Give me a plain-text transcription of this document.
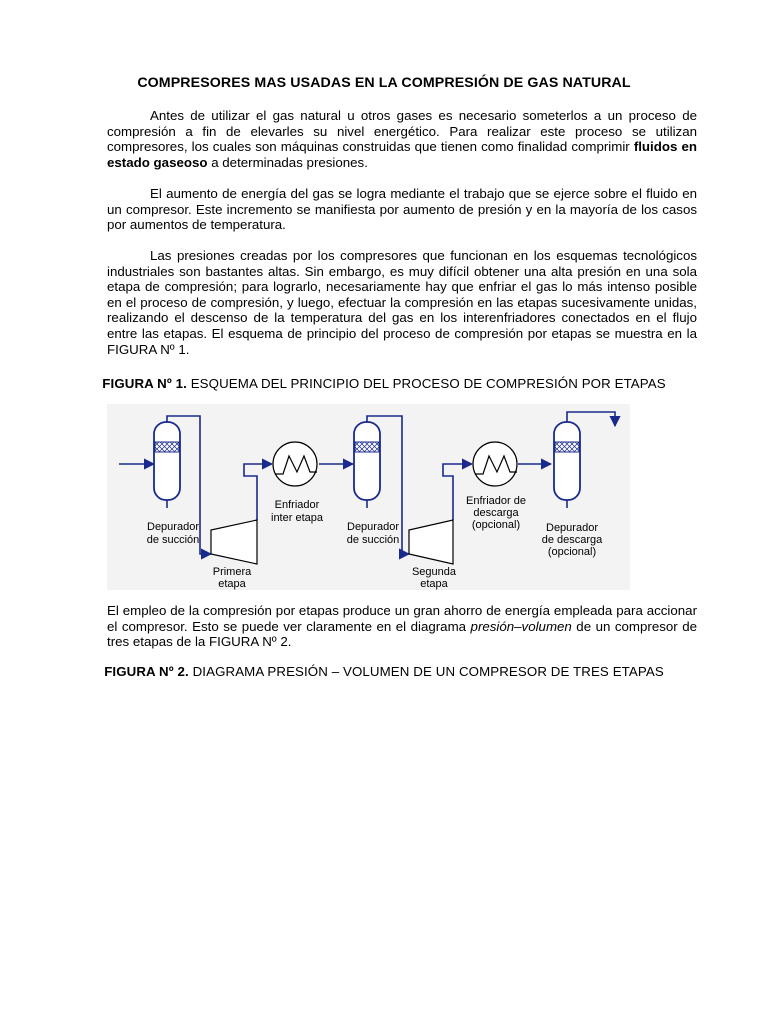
COMPRESORES MAS USADAS EN LA COMPRESIÓN DE GAS NATURAL

Antes de utilizar el gas natural u otros gases es necesario someterlos a un proceso de compresión a fin de elevarles su nivel energético. Para realizar este proceso se utilizan compresores, los cuales son máquinas construidas que tienen como finalidad comprimir fluidos en estado gaseoso a determinadas presiones.

El aumento de energía del gas se logra mediante el trabajo que se ejerce sobre el fluido en un compresor. Este incremento se manifiesta por aumento de presión y en la mayoría de los casos por aumentos de temperatura.

Las presiones creadas por los compresores que funcionan en los esquemas tecnológicos industriales son bastantes altas. Sin embargo, es muy difícil obtener una alta presión en una sola etapa de compresión; para lograrlo, necesariamente hay que enfriar el gas lo más intenso posible en el proceso de compresión, y luego, efectuar la compresión en las etapas sucesivamente unidas, realizando el descenso de la temperatura del gas en los interenfriadores conectados en el flujo entre las etapas. El esquema de principio del proceso de compresión por etapas se muestra en la FIGURA Nº 1.

FIGURA Nº 1. ESQUEMA DEL PRINCIPIO DEL PROCESO DE COMPRESIÓN POR ETAPAS
Depurador
de succión
Primera
etapa
Enfriador
inter etapa
Depurador
de succión
Segunda
etapa
Enfriador de
descarga
(opcional) Depurador
de descarga
(opcional)

El empleo de la compresión por etapas produce un gran ahorro de energía empleada para accionar el compresor. Esto se puede ver claramente en el diagrama presión–volumen de un compresor de tres etapas de la FIGURA Nº 2.

FIGURA Nº 2. DIAGRAMA PRESIÓN – VOLUMEN DE UN COMPRESOR DE TRES ETAPAS
